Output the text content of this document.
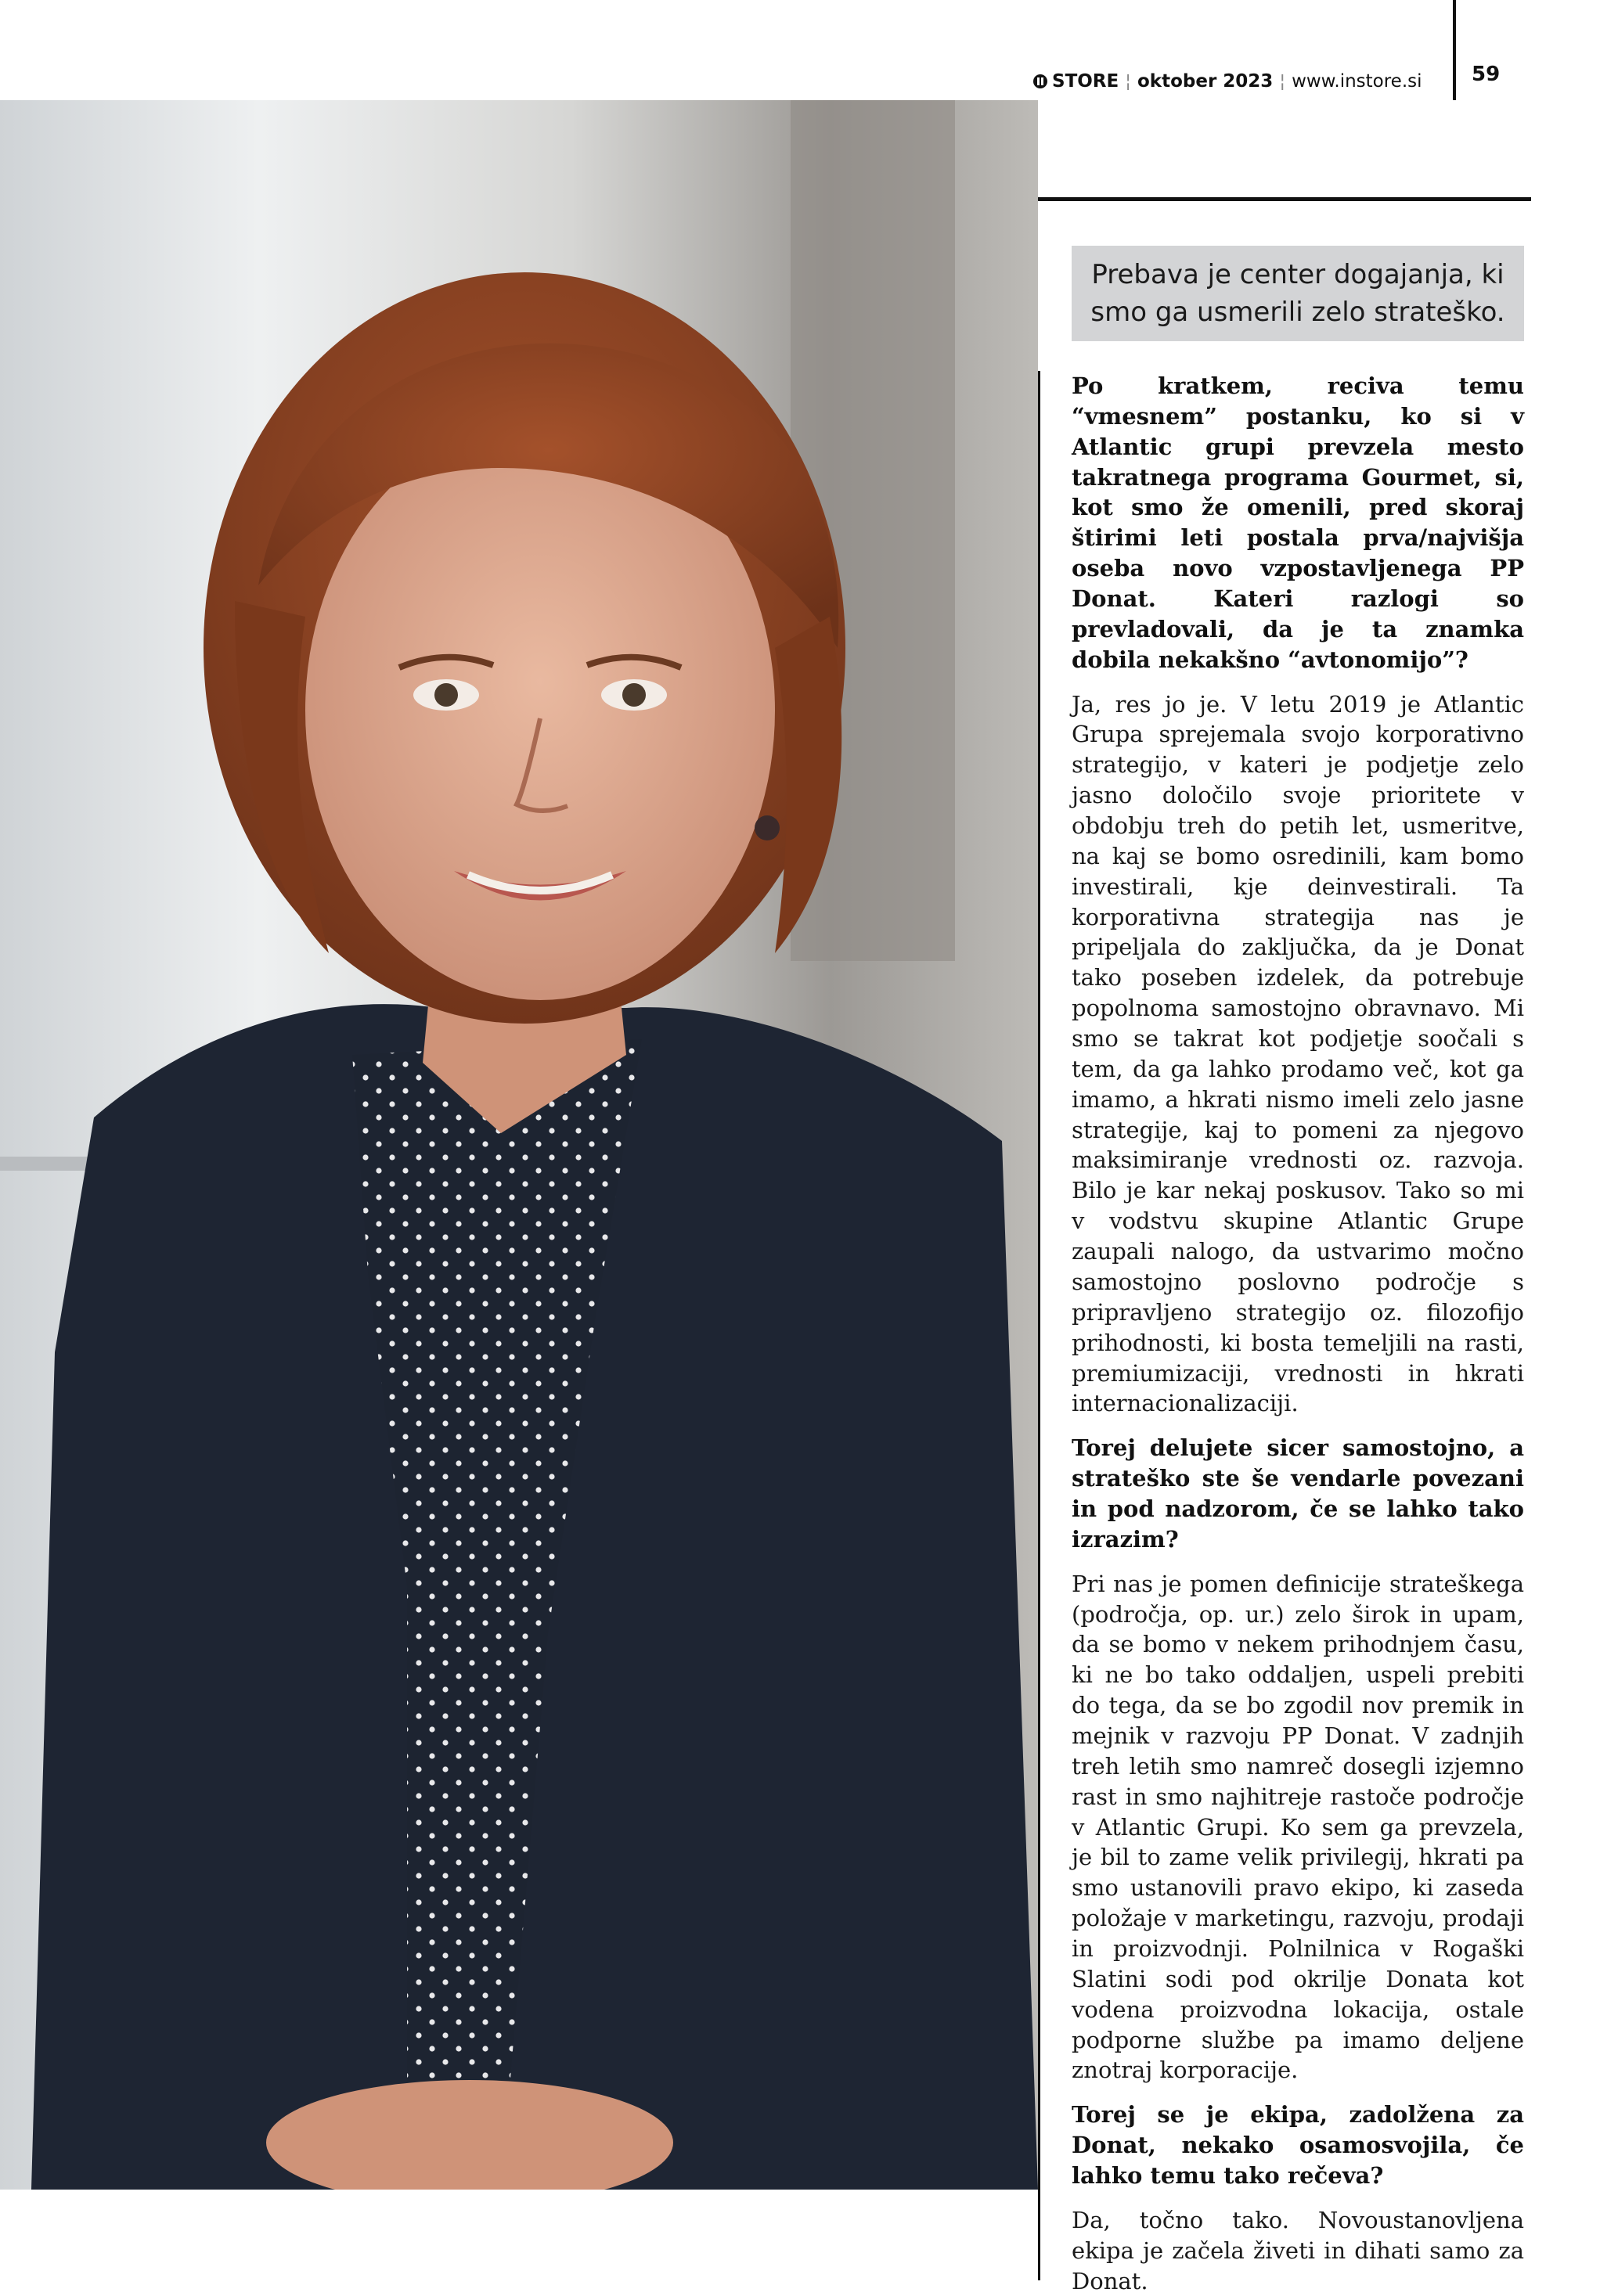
STORE ¦ oktober 2023 ¦ www.instore.si 59
Prebava je center dogajanja, ki smo ga usmerili zelo strateško.

Po kratkem, reciva temu “vmesnem” postanku, ko si v Atlantic grupi prevzela mesto takratnega programa Gourmet, si, kot smo že omenili, pred skoraj štirimi leti postala prva/najvišja oseba novo vzpostavljenega PP Donat. Kateri razlogi so prevladovali, da je ta znamka dobila nekakšno “avtonomijo”?

Ja, res jo je. V letu 2019 je Atlantic Grupa sprejemala svojo korporativno strategijo, v kateri je podjetje zelo jasno določilo svoje prioritete v obdobju treh do petih let, usmeritve, na kaj se bomo osredinili, kam bomo investirali, kje deinvestirali. Ta korporativna strategija nas je pripeljala do zaključka, da je Donat tako poseben izdelek, da potrebuje popolnoma samostojno obravnavo. Mi smo se takrat kot podjetje soočali s tem, da ga lahko prodamo več, kot ga imamo, a hkrati nismo imeli zelo jasne strategije, kaj to pomeni za njegovo maksimiranje vrednosti oz. razvoja. Bilo je kar nekaj poskusov. Tako so mi v vodstvu skupine Atlantic Grupe zaupali nalogo, da ustvarimo močno samostojno poslovno področje s pripravljeno strategijo oz. filozofijo prihodnosti, ki bosta temeljili na rasti, premiumizaciji, vrednosti in hkrati internacionalizaciji.

Torej delujete sicer samostojno, a strateško ste še vendarle povezani in pod nadzorom, če se lahko tako izrazim?

Pri nas je pomen definicije strateškega (področja, op. ur.) zelo širok in upam, da se bomo v nekem prihodnjem času, ki ne bo tako oddaljen, uspeli prebiti do tega, da se bo zgodil nov premik in mejnik v razvoju PP Donat. V zadnjih treh letih smo namreč dosegli izjemno rast in smo najhitreje rastoče področje v Atlantic Grupi. Ko sem ga prevzela, je bil to zame velik privilegij, hkrati pa smo ustanovili pravo ekipo, ki zaseda položaje v marketingu, razvoju, prodaji in proizvodnji. Polnilnica v Rogaški Slatini sodi pod okrilje Donata kot vodena proizvodna lokacija, ostale podporne službe pa imamo deljene znotraj korporacije.

Torej se je ekipa, zadolžena za Donat, nekako osamosvojila, če lahko temu tako rečeva?

Da, točno tako. Novoustanovljena ekipa je začela živeti in dihati samo za Donat.
